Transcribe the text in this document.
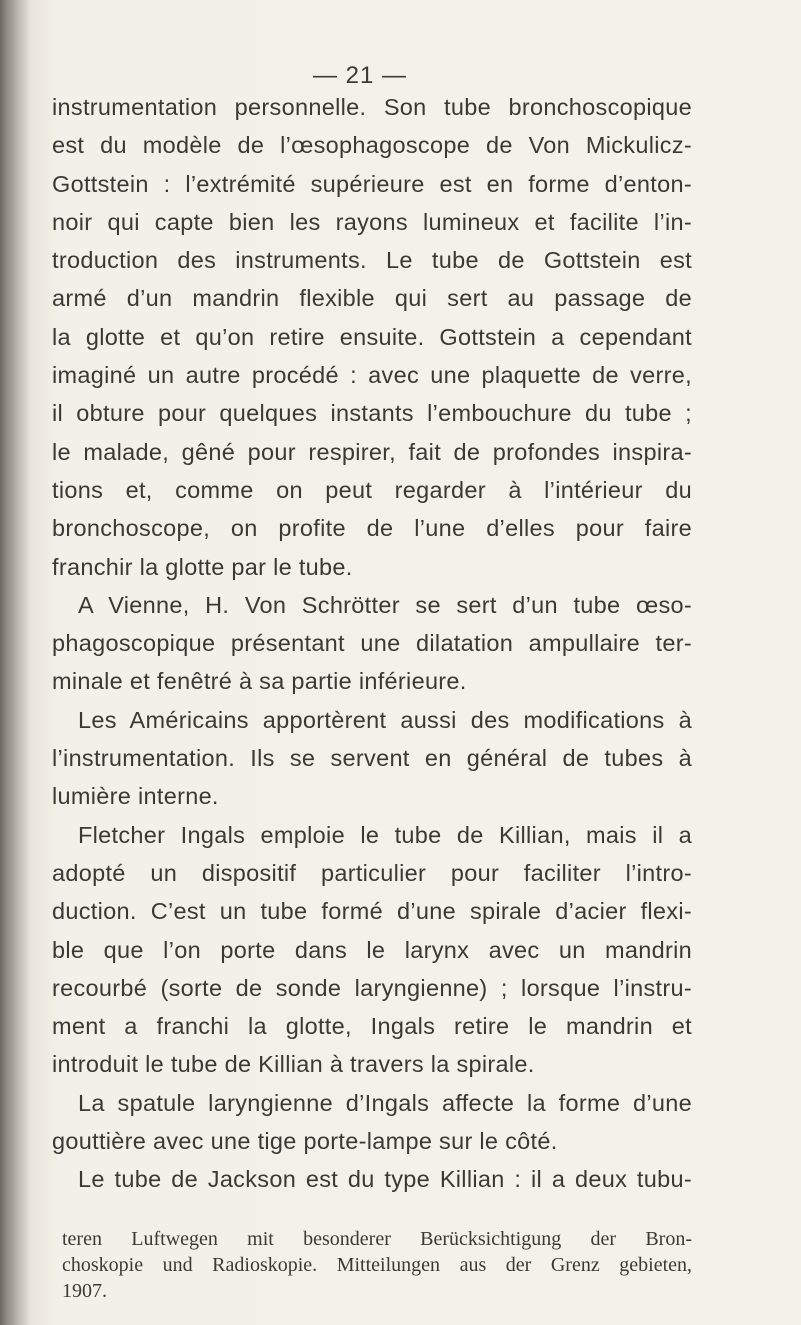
— 21 —
instrumentation personnelle. Son tube bronchoscopique
est du modèle de l’œsophagoscope de Von Mickulicz-
Gottstein : l’extrémité supérieure est en forme d’enton-
noir qui capte bien les rayons lumineux et facilite l’in-
troduction des instruments. Le tube de Gottstein est
armé d’un mandrin flexible qui sert au passage de
la glotte et qu’on retire ensuite. Gottstein a cependant
imaginé un autre procédé : avec une plaquette de verre,
il obture pour quelques instants l’embouchure du tube ;
le malade, gêné pour respirer, fait de profondes inspira-
tions et, comme on peut regarder à l’intérieur du
bronchoscope, on profite de l’une d’elles pour faire
franchir la glotte par le tube.
A Vienne, H. Von Schrötter se sert d’un tube œso-
phagoscopique présentant une dilatation ampullaire ter-
minale et fenêtré à sa partie inférieure.
Les Américains apportèrent aussi des modifications à
l’instrumentation. Ils se servent en général de tubes à
lumière interne.
Fletcher Ingals emploie le tube de Killian, mais il a
adopté un dispositif particulier pour faciliter l’intro-
duction. C’est un tube formé d’une spirale d’acier flexi-
ble que l’on porte dans le larynx avec un mandrin
recourbé (sorte de sonde laryngienne) ; lorsque l’instru-
ment a franchi la glotte, Ingals retire le mandrin et
introduit le tube de Killian à travers la spirale.
La spatule laryngienne d’Ingals affecte la forme d’une
gouttière avec une tige porte-lampe sur le côté.
Le tube de Jackson est du type Killian : il a deux tubu-
teren Luftwegen mit besonderer Berücksichtigung der Bron-
choskopie und Radioskopie. Mitteilungen aus der Grenz gebieten,
1907.
